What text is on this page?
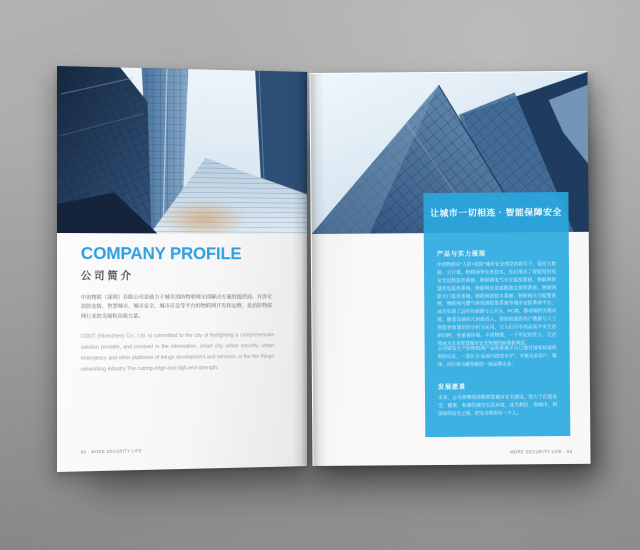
COMPANY PROFILE
公司简介
中消物联（深圳）有限公司是致力于城市消防物联网全面解决方案的提供商，并涉足消防安防、智慧城市、城市安全、城市应急等平台的物联网开发和运维，是消防物联网行业的尖端和高端力量。
CDOT (Shenzhen) Co., Ltd. is committed to the city of firefighting a comprehensive solution provider, and involved in the information, smart city, urban security, urban emergency and other platforms of things development and services, is the fire things networking industry The cutting-edge and high-end strength.
03 · MORE SECURITY LIFE
让城市一切相连 · 智能保障安全
产品与实力展现
中消物联在“人防+技防”城市安全理念的指引下，依托大数据、云计算、物联网等先进技术，先后推出了智能型用电安全远程监控系统、物联网电气火灾监控系统、物联网智慧用电监控系统、物联网应急疏散逃生照明系统、物联网防火门监控系统、物联网消防水系统、物联网火灾报警系统、物联网可燃气体探测报警系统等城市安防系统平台，成功实现了远传传感器与云平台、PC端、移动端的无缝对接，随着设备的几何级投入，借助海量的用户数据与人工智能更加深层的分析与运用，让人们尽享高品质平安生活的同时，更重视环境。中消物联，一个世纪的匠心，它必将成为未来智慧城市安全管理的标准和典范。
公司研发生产的物联网产品和系统平台已通过国家权威机构的认证，一贯认为“品质内控高水平”，并被众多客户、媒体、同行视为殿堂级的一流品牌企业。
发展愿景
未来，公司将继续深耕智慧城市安全建设，致力于打造安全、健康、和谐的城市生活环境，成为利民、利城市、利国家的安全之源，把安全带给每一个人。
MORE SECURITY LIFE · 04
